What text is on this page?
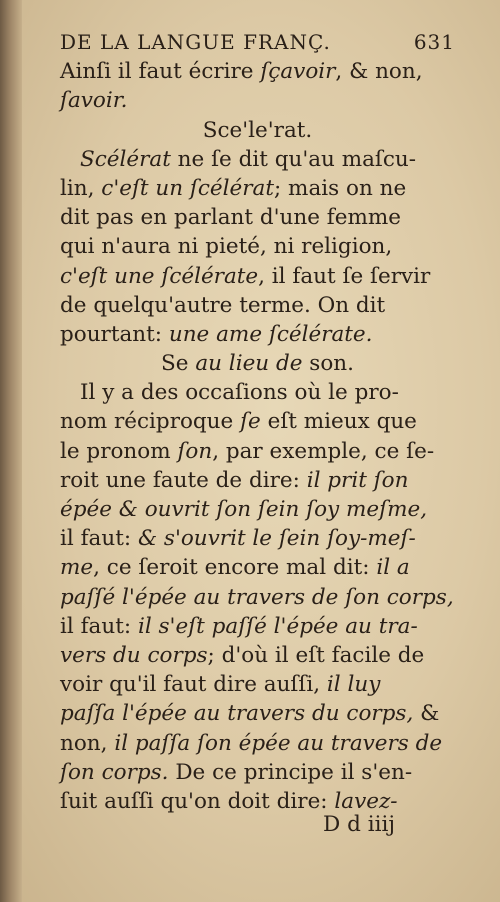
DE LA LANGUE FRANÇ.	631
Ainſi il faut écrire ſçavoir, & non,
ſavoir.
Sce'le'rat.
Scélérat ne ſe dit qu'au maſcu-
lin, c'eſt un ſcélérat; mais on ne
dit pas en parlant d'une femme
qui n'aura ni pieté, ni religion,
c'eſt une ſcélérate, il faut ſe ſervir
de quelqu'autre terme. On dit
pourtant: une ame ſcélérate.
Se au lieu de son.
Il y a des occaſions où le pro-
nom réciproque ſe eſt mieux que
le pronom ſon, par exemple, ce ſe-
roit une faute de dire: il prit ſon
épée & ouvrit ſon ſein ſoy meſme,
il faut: & s'ouvrit le ſein ſoy-meſ-
me, ce ſeroit encore mal dit: il a
paſſé l'épée au travers de ſon corps,
il faut: il s'eſt paſſé l'épée au tra-
vers du corps; d'où il eſt facile de
voir qu'il faut dire auſſi, il luy
paſſa l'épée au travers du corps, &
non, il paſſa ſon épée au travers de
ſon corps. De ce principe il s'en-
ſuit auſſi qu'on doit dire: lavez-
D d iiij
